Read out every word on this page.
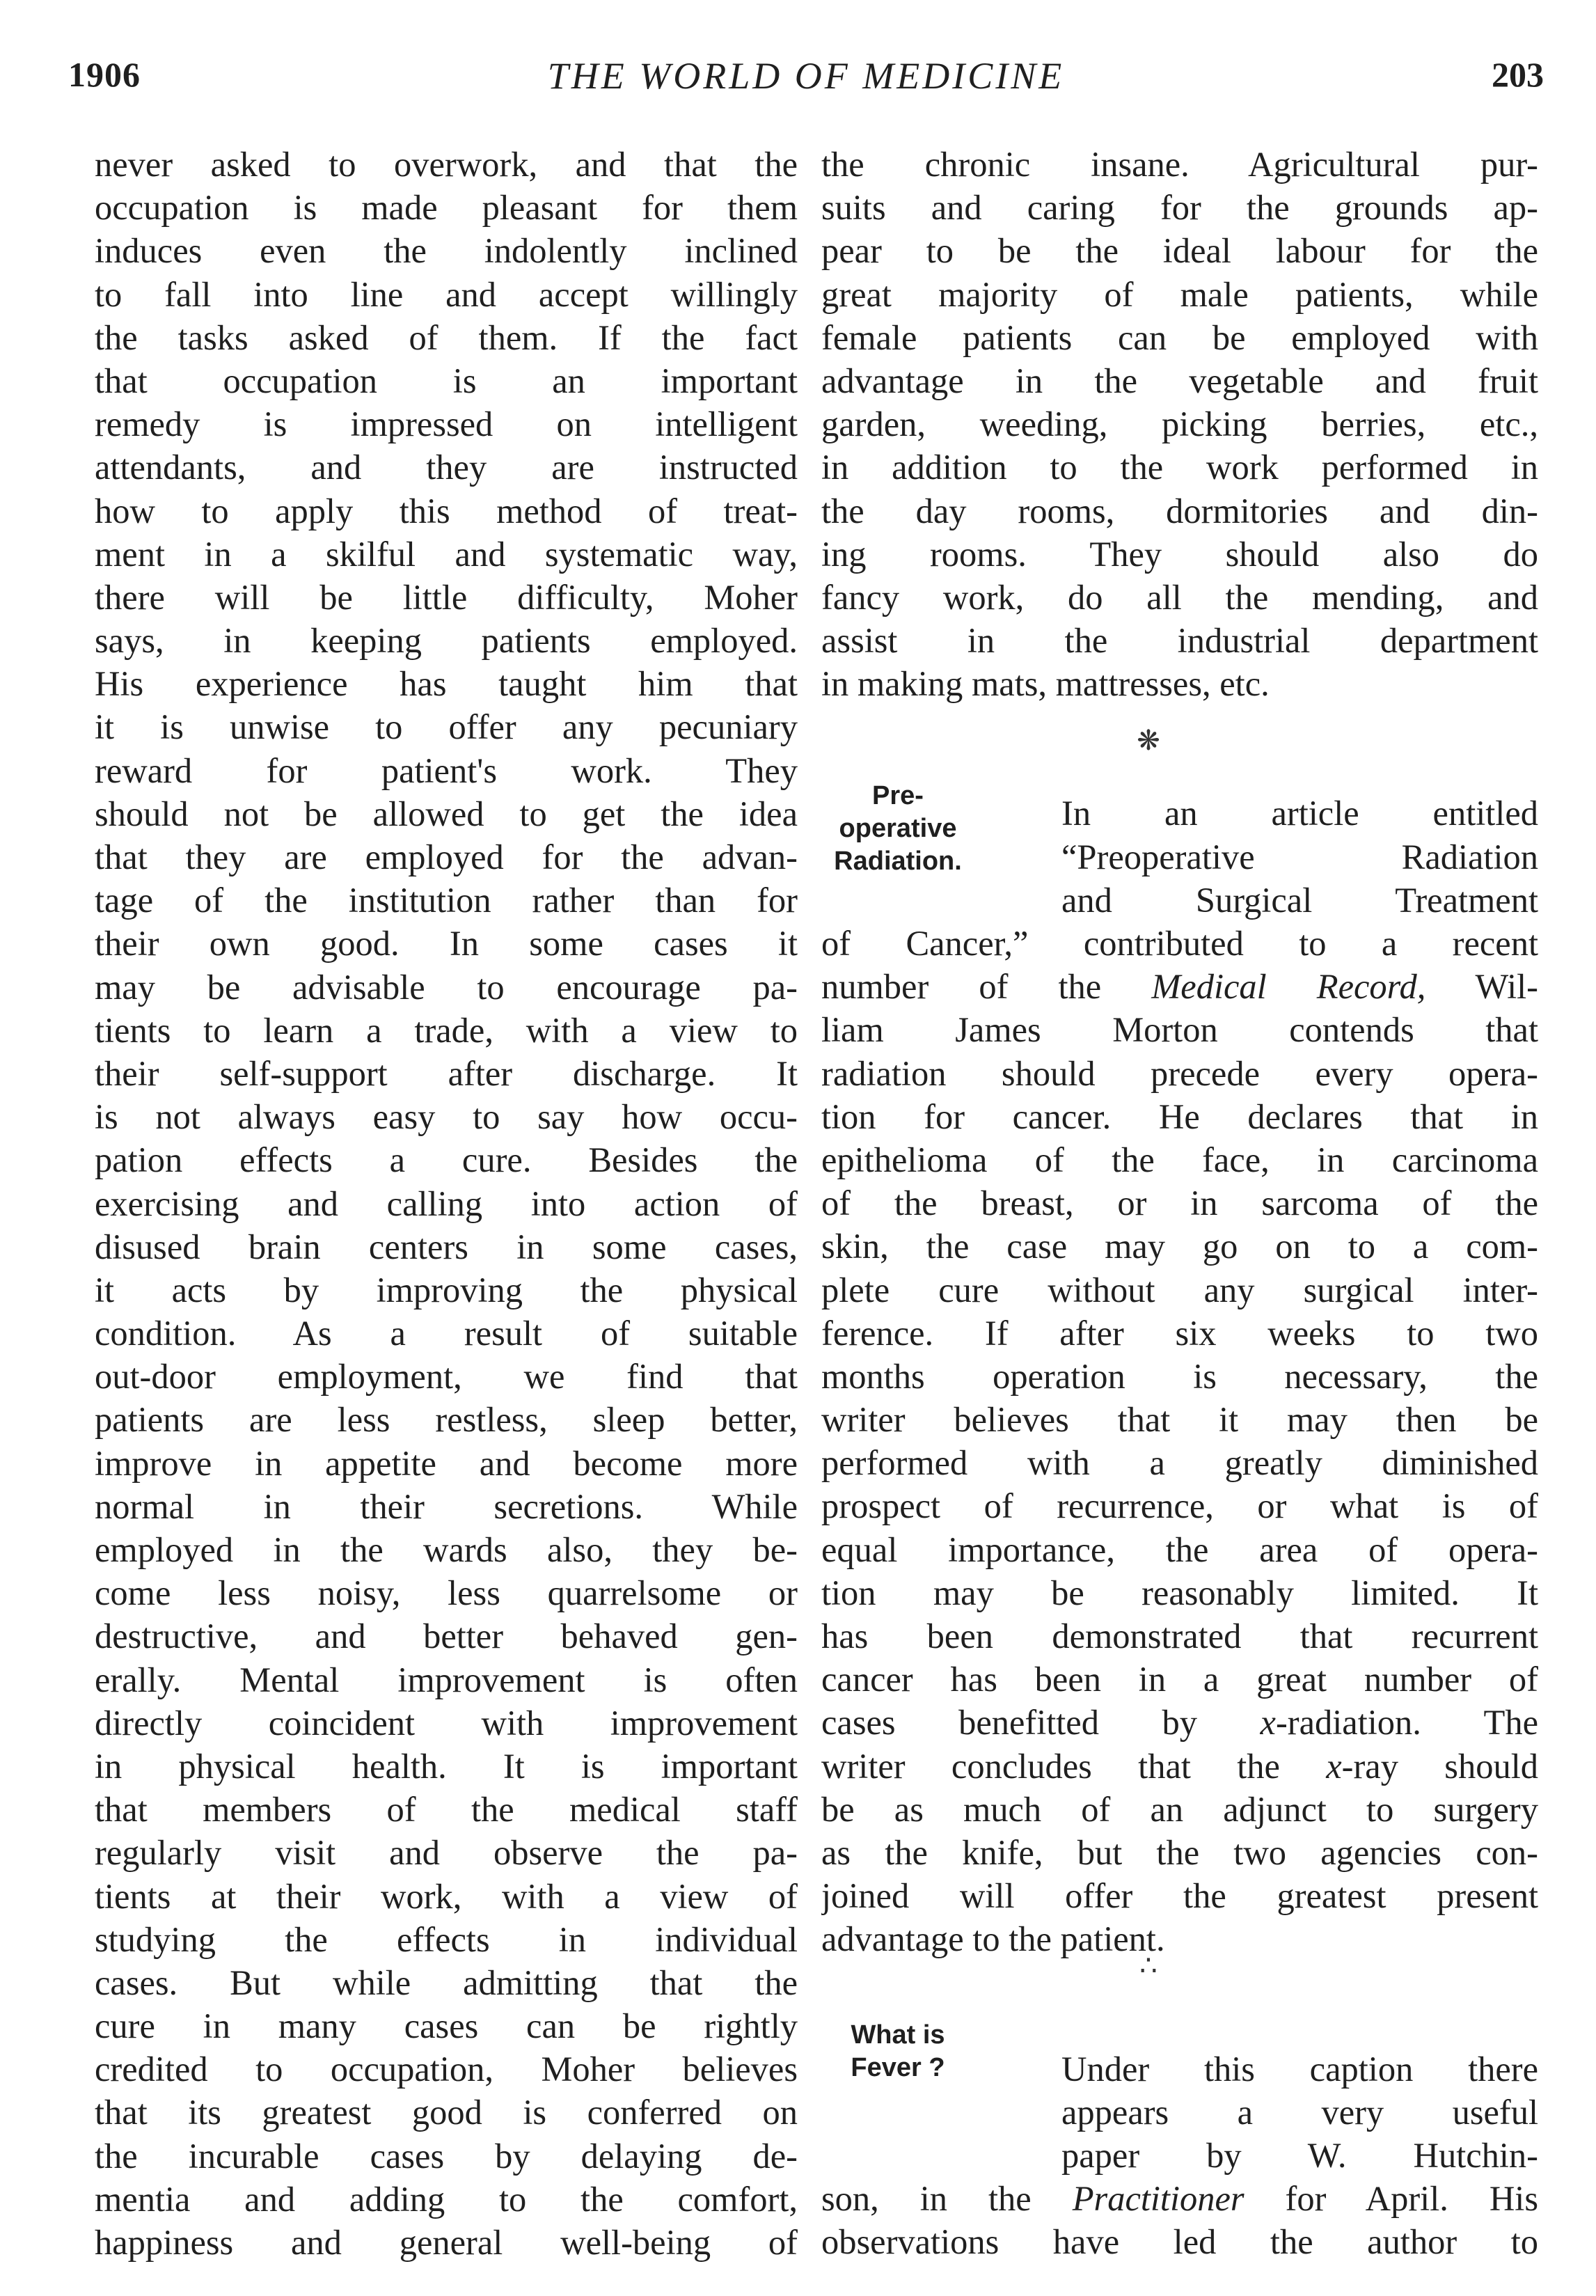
1906	THE WORLD OF MEDICINE	203
never asked to overwork, and that the
occupation is made pleasant for them
induces even the indolently inclined
to fall into line and accept willingly
the tasks asked of them. If the fact
that occupation is an important
remedy is impressed on intelligent
attendants, and they are instructed
how to apply this method of treat-
ment in a skilful and systematic way,
there will be little difficulty, Moher
says, in keeping patients employed.
His experience has taught him that
it is unwise to offer any pecuniary
reward for patient's work. They
should not be allowed to get the idea
that they are employed for the advan-
tage of the institution rather than for
their own good. In some cases it
may be advisable to encourage pa-
tients to learn a trade, with a view to
their self-support after discharge. It
is not always easy to say how occu-
pation effects a cure. Besides the
exercising and calling into action of
disused brain centers in some cases,
it acts by improving the physical
condition. As a result of suitable
out-door employment, we find that
patients are less restless, sleep better,
improve in appetite and become more
normal in their secretions. While
employed in the wards also, they be-
come less noisy, less quarrelsome or
destructive, and better behaved gen-
erally. Mental improvement is often
directly coincident with improvement
in physical health. It is important
that members of the medical staff
regularly visit and observe the pa-
tients at their work, with a view of
studying the effects in individual
cases. But while admitting that the
cure in many cases can be rightly
credited to occupation, Moher believes
that its greatest good is conferred on
the incurable cases by delaying de-
mentia and adding to the comfort,
happiness and general well-being of
the chronic insane. Agricultural pur-
suits and caring for the grounds ap-
pear to be the ideal labour for the
great majority of male patients, while
female patients can be employed with
advantage in the vegetable and fruit
garden, weeding, picking berries, etc.,
in addition to the work performed in
the day rooms, dormitories and din-
ing rooms. They should also do
fancy work, do all the mending, and
assist in the industrial department
in making mats, mattresses, etc.
In an article entitled
“Preoperative Radiation
and Surgical Treatment
of Cancer,” contributed to a recent
number of the Medical Record, Wil-
liam James Morton contends that
radiation should precede every opera-
tion for cancer. He declares that in
epithelioma of the face, in carcinoma
of the breast, or in sarcoma of the
skin, the case may go on to a com-
plete cure without any surgical inter-
ference. If after six weeks to two
months operation is necessary, the
writer believes that it may then be
performed with a greatly diminished
prospect of recurrence, or what is of
equal importance, the area of opera-
tion may be reasonably limited. It
has been demonstrated that recurrent
cancer has been in a great number of
cases benefitted by x-radiation. The
writer concludes that the x-ray should
be as much of an adjunct to surgery
as the knife, but the two agencies con-
joined will offer the greatest present
advantage to the patient.
Under this caption there
appears a very useful
paper by W. Hutchin-
son, in the Practitioner for April. His
observations have led the author to
❋
∴
Pre-
operative
Radiation.
What is
Fever ?
